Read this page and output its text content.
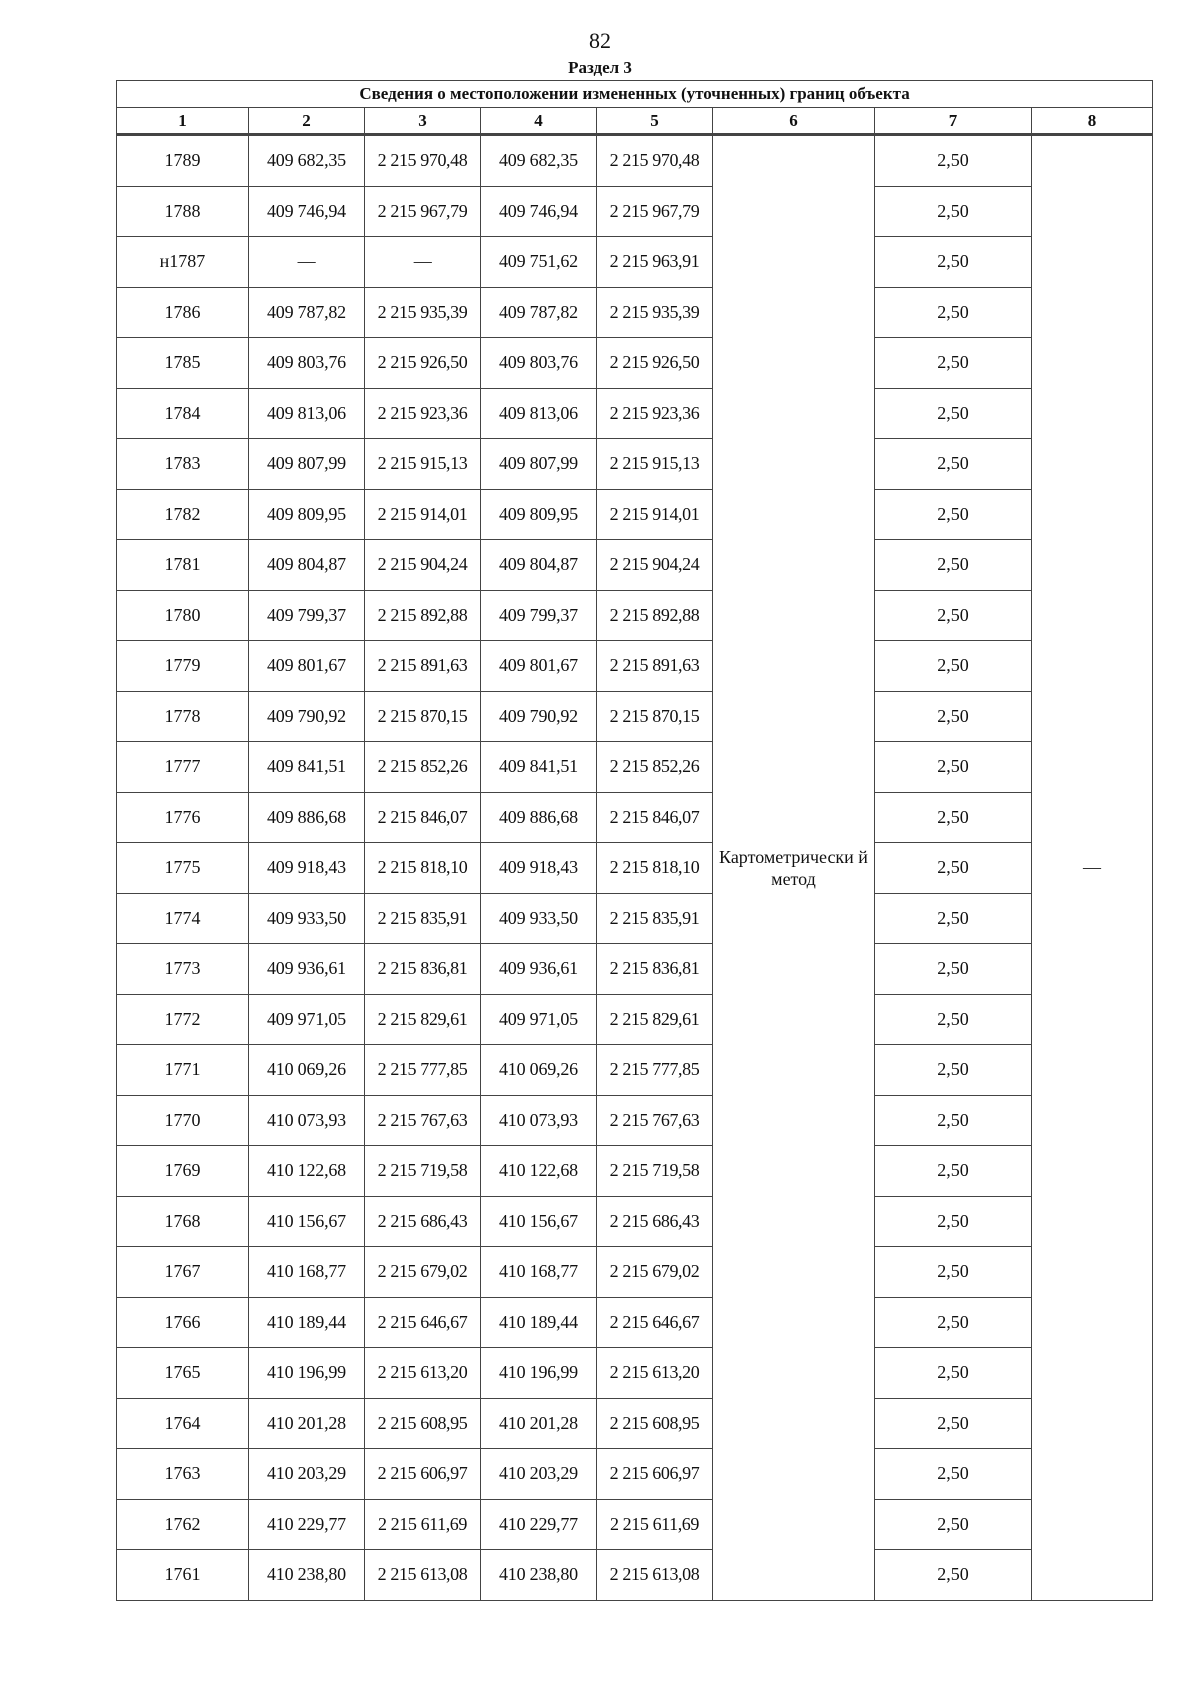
82
Раздел 3
Сведения о местоположении измененных (уточненных) границ объекта							
1	2	3	4	5	6	7	8
1789	409 682,35	2 215 970,48	409 682,35	2 215 970,48	Картометрически й метод	2,50	—
1788	409 746,94	2 215 967,79	409 746,94	2 215 967,79		2,50	
н1787	—	—	409 751,62	2 215 963,91		2,50	
1786	409 787,82	2 215 935,39	409 787,82	2 215 935,39		2,50	
1785	409 803,76	2 215 926,50	409 803,76	2 215 926,50		2,50	
1784	409 813,06	2 215 923,36	409 813,06	2 215 923,36		2,50	
1783	409 807,99	2 215 915,13	409 807,99	2 215 915,13		2,50	
1782	409 809,95	2 215 914,01	409 809,95	2 215 914,01		2,50	
1781	409 804,87	2 215 904,24	409 804,87	2 215 904,24		2,50	
1780	409 799,37	2 215 892,88	409 799,37	2 215 892,88		2,50	
1779	409 801,67	2 215 891,63	409 801,67	2 215 891,63		2,50	
1778	409 790,92	2 215 870,15	409 790,92	2 215 870,15		2,50	
1777	409 841,51	2 215 852,26	409 841,51	2 215 852,26		2,50	
1776	409 886,68	2 215 846,07	409 886,68	2 215 846,07		2,50	
1775	409 918,43	2 215 818,10	409 918,43	2 215 818,10		2,50	
1774	409 933,50	2 215 835,91	409 933,50	2 215 835,91		2,50	
1773	409 936,61	2 215 836,81	409 936,61	2 215 836,81		2,50	
1772	409 971,05	2 215 829,61	409 971,05	2 215 829,61		2,50	
1771	410 069,26	2 215 777,85	410 069,26	2 215 777,85		2,50	
1770	410 073,93	2 215 767,63	410 073,93	2 215 767,63		2,50	
1769	410 122,68	2 215 719,58	410 122,68	2 215 719,58		2,50	
1768	410 156,67	2 215 686,43	410 156,67	2 215 686,43		2,50	
1767	410 168,77	2 215 679,02	410 168,77	2 215 679,02		2,50	
1766	410 189,44	2 215 646,67	410 189,44	2 215 646,67		2,50	
1765	410 196,99	2 215 613,20	410 196,99	2 215 613,20		2,50	
1764	410 201,28	2 215 608,95	410 201,28	2 215 608,95		2,50	
1763	410 203,29	2 215 606,97	410 203,29	2 215 606,97		2,50	
1762	410 229,77	2 215 611,69	410 229,77	2 215 611,69		2,50	
1761	410 238,80	2 215 613,08	410 238,80	2 215 613,08		2,50	
